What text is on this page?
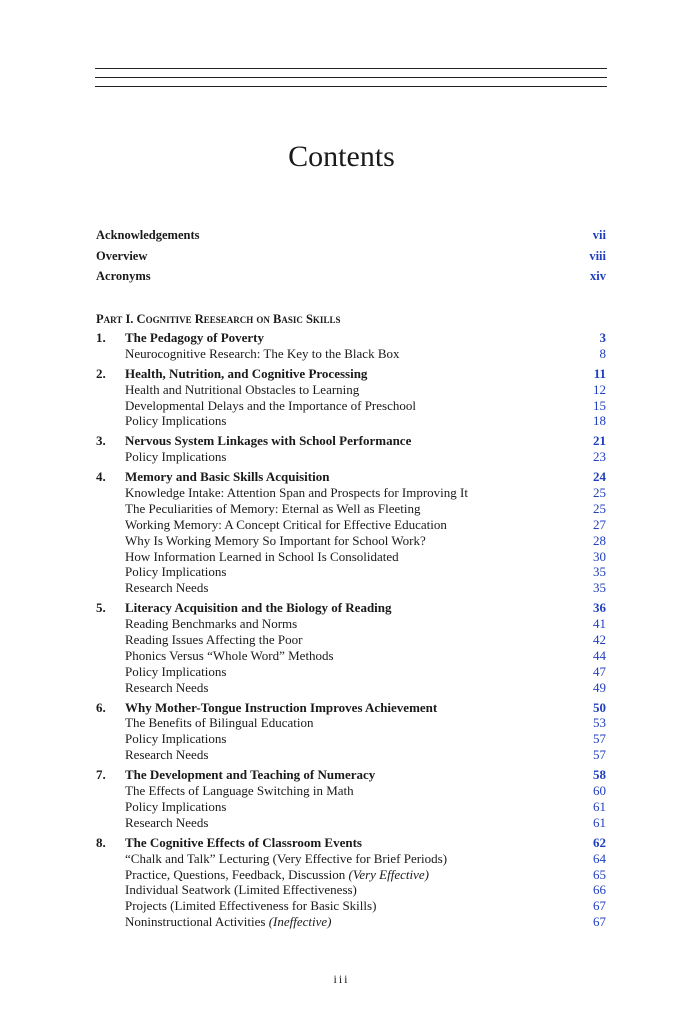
Contents
Acknowledgements	vii
Overview	viii
Acronyms	xiv
Part I. Cognitive Reesearch on Basic Skills
1.	The Pedagogy of Poverty	3
Neurocognitive Research: The Key to the Black Box	8
2.	Health, Nutrition, and Cognitive Processing	11
Health and Nutritional Obstacles to Learning	12
Developmental Delays and the Importance of Preschool	15
Policy Implications	18
3.	Nervous System Linkages with School Performance	21
Policy Implications	23
4.	Memory and Basic Skills Acquisition	24
Knowledge Intake: Attention Span and Prospects for Improving It	25
The Peculiarities of Memory: Eternal as Well as Fleeting	25
Working Memory: A Concept Critical for Effective Education	27
Why Is Working Memory So Important for School Work?	28
How Information Learned in School Is Consolidated	30
Policy Implications	35
Research Needs	35
5.	Literacy Acquisition and the Biology of Reading	36
Reading Benchmarks and Norms	41
Reading Issues Affecting the Poor	42
Phonics Versus “Whole Word” Methods	44
Policy Implications	47
Research Needs	49
6.	Why Mother-Tongue Instruction Improves Achievement	50
The Benefits of Bilingual Education	53
Policy Implications	57
Research Needs	57
7.	The Development and Teaching of Numeracy	58
The Effects of Language Switching in Math	60
Policy Implications	61
Research Needs	61
8.	The Cognitive Effects of Classroom Events	62
“Chalk and Talk” Lecturing (Very Effective for Brief Periods)	64
Practice, Questions, Feedback, Discussion (Very Effective)	65
Individual Seatwork (Limited Effectiveness)	66
Projects (Limited Effectiveness for Basic Skills)	67
Noninstructional Activities (Ineffective)	67
iii
